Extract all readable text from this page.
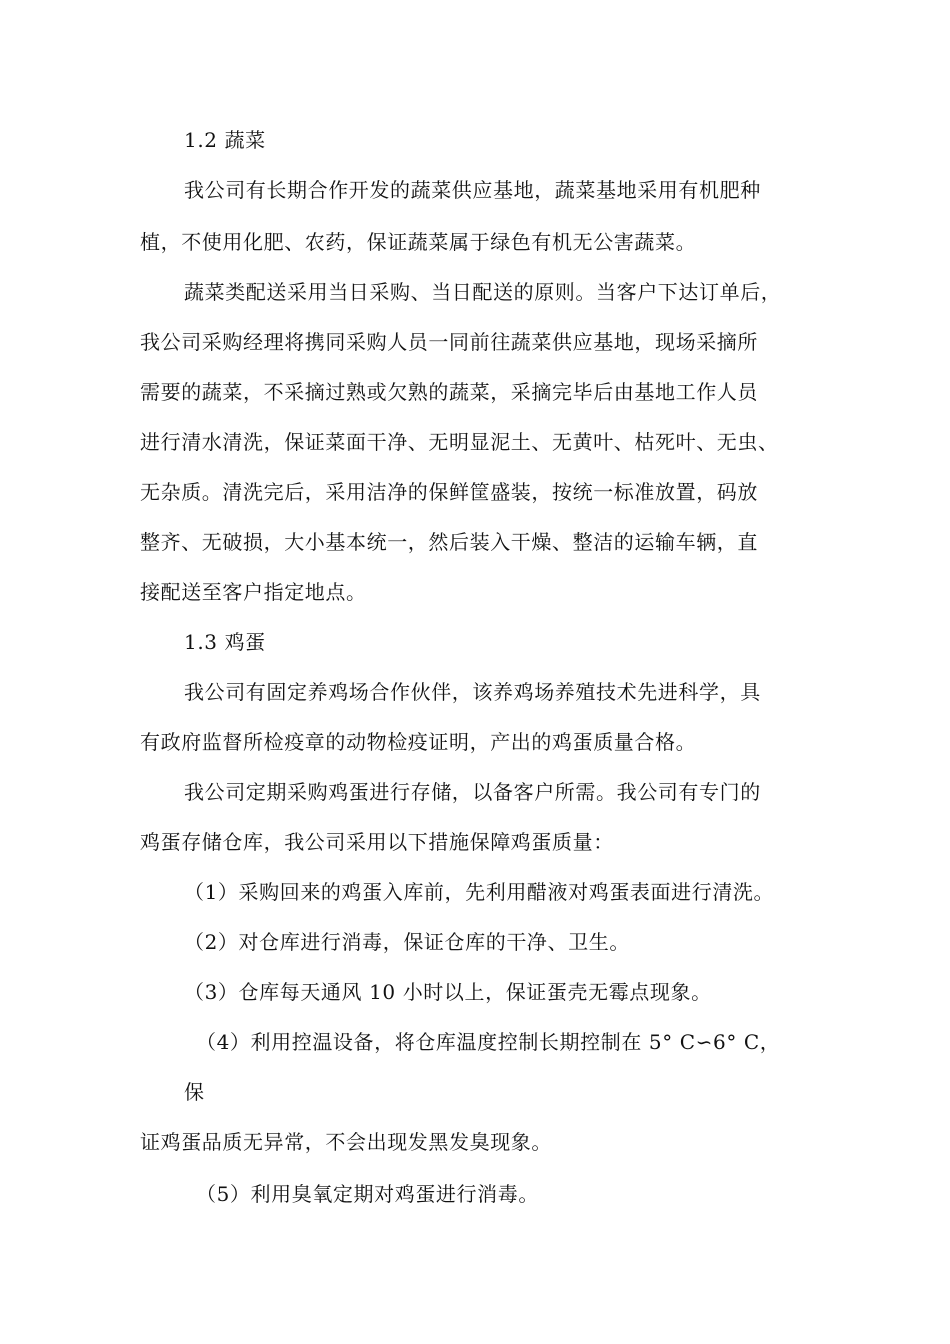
1.2 蔬菜
我公司有长期合作开发的蔬菜供应基地，蔬菜基地采用有机肥种
植，不使用化肥、农药，保证蔬菜属于绿色有机无公害蔬菜。
蔬菜类配送采用当日采购、当日配送的原则。当客户下达订单后，
我公司采购经理将携同采购人员一同前往蔬菜供应基地，现场采摘所
需要的蔬菜，不采摘过熟或欠熟的蔬菜，采摘完毕后由基地工作人员
进行清水清洗，保证菜面干净、无明显泥土、无黄叶、枯死叶、无虫、
无杂质。清洗完后，采用洁净的保鲜筐盛装，按统一标准放置，码放
整齐、无破损，大小基本统一，然后装入干燥、整洁的运输车辆，直
接配送至客户指定地点。
1.3 鸡蛋
我公司有固定养鸡场合作伙伴，该养鸡场养殖技术先进科学，具
有政府监督所检疫章的动物检疫证明，产出的鸡蛋质量合格。
我公司定期采购鸡蛋进行存储，以备客户所需。我公司有专门的
鸡蛋存储仓库，我公司采用以下措施保障鸡蛋质量：
（1）采购回来的鸡蛋入库前，先利用醋液对鸡蛋表面进行清洗。
（2）对仓库进行消毒，保证仓库的干净、卫生。
（3）仓库每天通风 10 小时以上，保证蛋壳无霉点现象。
（4）利用控温设备，将仓库温度控制长期控制在 5° C∽6° C，
保
证鸡蛋品质无异常，不会出现发黑发臭现象。
（5）利用臭氧定期对鸡蛋进行消毒。
